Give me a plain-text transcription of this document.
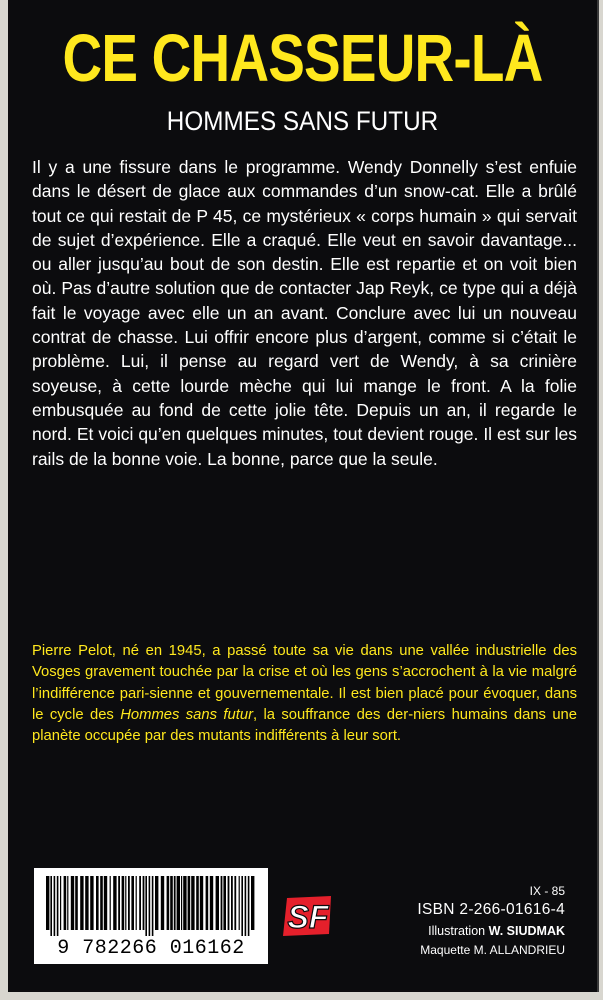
CE CHASSEUR-LÀ
HOMMES SANS FUTUR

Il y a une fissure dans le programme. Wendy Donnelly s’est enfuie dans le désert de glace aux commandes d’un snow-cat. Elle a brûlé tout ce qui restait de P 45, ce mystérieux « corps humain » qui servait de sujet d’expérience. Elle a craqué. Elle veut en savoir davantage... ou aller jusqu’au bout de son destin. Elle est repartie et on voit bien où. Pas d’autre solution que de contacter Jap Reyk, ce type qui a déjà fait le voyage avec elle un an avant. Conclure avec lui un nouveau contrat de chasse. Lui offrir encore plus d’argent, comme si c’était le problème. Lui, il pense au regard vert de Wendy, à sa crinière soyeuse, à cette lourde mèche qui lui mange le front. A la folie embusquée au fond de cette jolie tête. Depuis un an, il regarde le nord. Et voici qu’en quelques minutes, tout devient rouge. Il est sur les rails de la bonne voie. La bonne, parce que la seule.

Pierre Pelot, né en 1945, a passé toute sa vie dans une vallée industrielle des Vosges gravement touchée par la crise et où les gens s’accrochent à la vie malgré l’indifférence pari-sienne et gouvernementale. Il est bien placé pour évoquer, dans le cycle des Hommes sans futur, la souffrance des der-niers humains dans une planète occupée par des mutants indifférents à leur sort.

9 782266 016162
SF
IX - 85
ISBN 2-266-01616-4
Illustration W. SIUDMAK
Maquette M. ALLANDRIEU
